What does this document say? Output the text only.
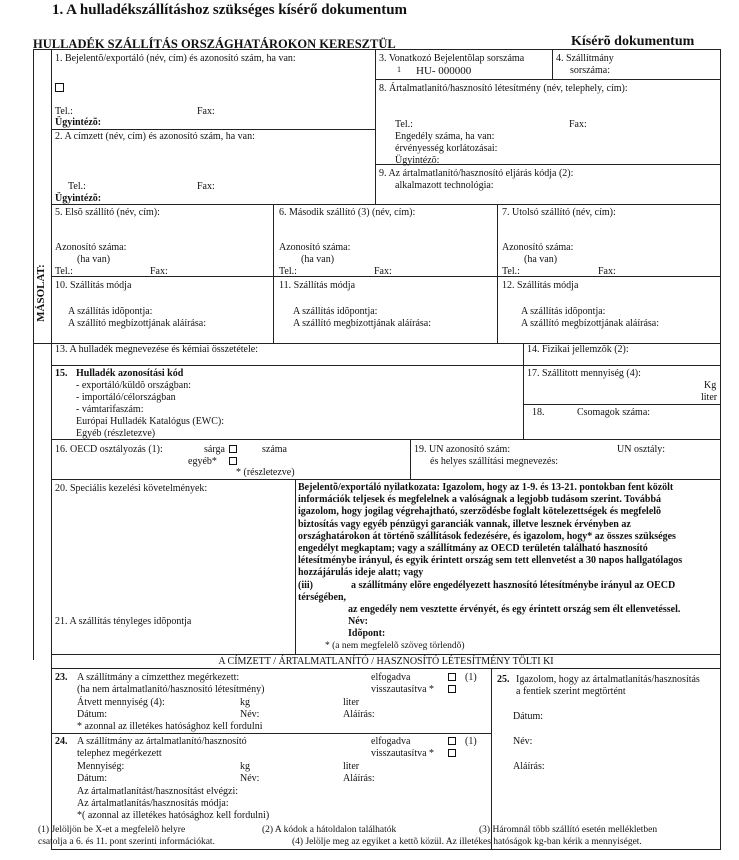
1. A hulladékszállításhoz szükséges kísérő dokumentum
HULLADÉK SZÁLLÍTÁS ORSZÁGHATÁROKON KERESZTÜL	Kísérõ dokumentum
MÁSOLAT:
1. Bejelentõ/exportáló (név, cím) és azonosító szám, ha van:
Tel.:	Fax:
Ügyintézõ:
2. A címzett (név, cím) és azonosító szám, ha van:
Tel.:	Fax:
Ügyintézõ:
3. Vonatkozó Bejelentõlap sorszáma
1 HU- 000000
4. Szállítmány
sorszáma:
8. Ártalmatlanító/hasznosító létesítmény (név, telephely, cím):
Tel.:	Fax:
Engedély száma, ha van:
érvényesség korlátozásai:
Ügyintézõ:
9. Az ártalmatlanító/hasznosító eljárás kódja (2):
alkalmazott technológia:
5. Elsõ szállító (név, cím):
Azonosító száma:
(ha van)
Tel.:	Fax:
6. Második szállító (3) (név, cím):
Azonosító száma:
(ha van)
Tel.:	Fax:
7. Utolsó szállító (név, cím):
Azonosító száma:
(ha van)
Tel.:	Fax:
10. Szállítás módja
A szállítás idõpontja:
A szállító megbízottjának aláírása:
11. Szállítás módja
A szállítás idõpontja:
A szállító megbízottjának aláírása:
12. Szállítás módja
A szállítás idõpontja:
A szállító megbízottjának aláírása:
13. A hulladék megnevezése és kémiai összetétele:	14. Fizikai jellemzõk (2):
15. Hulladék azonosítási kód
- exportáló/küldõ országban:
- importáló/célországban
- vámtarifaszám:
Európai Hulladék Katalógus (EWC):
Egyéb (részletezve)
17. Szállított mennyiség (4):
Kg
liter
18.	Csomagok száma:
16. OECD osztályozás (1):	sárga	száma
egyéb*
* (részletezve)
19. UN azonosító szám:	UN osztály:
és helyes szállítási megnevezés:
20. Speciális kezelési követelmények:
21. A szállítás tényleges idõpontja
Bejelentõ/exportáló nyilatkozata: Igazolom, hogy az 1-9. és 13-21. pontokban fent közölt
információk teljesek és megfelelnek a valóságnak a legjobb tudásom szerint. Továbbá
igazolom, hogy jogilag végrehajtható, szerzõdésbe foglalt kötelezettségek és megfelelõ
biztosítás vagy egyéb pénzügyi garanciák vannak, illetve lesznek érvényben az
országhatárokon át történõ szállítások fedezésére, és igazolom, hogy* az összes szükséges
engedélyt megkaptam; vagy a szállítmány az OECD területén található hasznosító
létesítménybe irányul, és egyik érintett ország sem tett ellenvetést a 30 napos hallgatólagos
hozzájárulás ideje alatt; vagy
(iii)	a szállítmány elõre engedélyezett hasznosító létesítménybe irányul az OECD
térségében,
az engedély nem vesztette érvényét, és egy érintett ország sem élt ellenvetéssel.
Név:
Idõpont:
* (a nem megfelelõ szöveg törlendõ)
A CÍMZETT / ÁRTALMATLANÍTÓ / HASZNOSÍTÓ LÉTESÍTMÉNY TÖLTI KI
23. A szállítmány a címzetthez megérkezett:
(ha nem ártalmatlanító/hasznosító létesítmény)
elfogadva	(1)
visszautasítva *
Átvett mennyiség (4):	kg	liter
Dátum:	Név:	Aláírás:
* azonnal az illetékes hatósághoz kell fordulni
24. A szállítmány az ártalmatlanító/hasznosító
telephez megérkezett
elfogadva	(1)
visszautasítva *
Mennyiség:	kg	liter
Dátum:	Név:	Aláírás:
Az ártalmatlanítást/hasznosítást elvégzi:
Az ártalmatlanítás/hasznosítás módja:
*( azonnal az illetékes hatósághoz kell fordulni)
25. Igazolom, hogy az ártalmatlanítás/hasznosítás
a fentiek szerint megtörtént
Dátum:
Név:
Aláírás:
(1) Jelöljön be X-et a megfelelõ helyre	(2) A kódok a hátoldalon találhatók	(3) Háromnál több szállító esetén mellékletben
csatolja a 6. és 11. pont szerinti információkat.	(4) Jelölje meg az egyiket a kettõ közül. Az illetékes hatóságok kg-ban kérik a mennyiséget.
